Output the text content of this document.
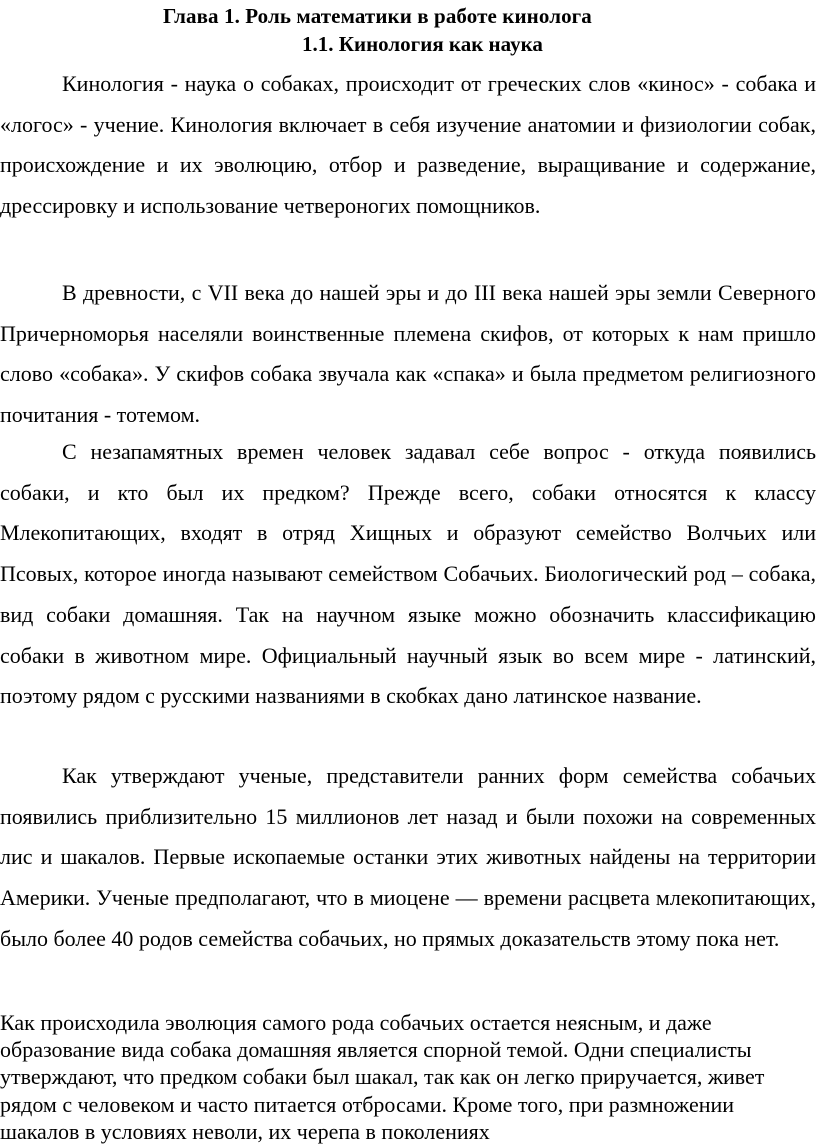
Глава 1. Роль математики в работе кинолога
1.1. Кинология как наука

Кинология - наука о собаках, происходит от греческих слов «кинос» - собака и «логос» - учение. Кинология включает в себя изучение анатомии и физиологии собак, происхождение и их эволюцию, отбор и разведение, выращивание и содержание, дрессировку и использование четвероногих помощников.

В древности, с VII века до нашей эры и до III века нашей эры земли Северного Причерноморья населяли воинственные племена скифов, от которых к нам пришло слово «собака». У скифов собака звучала как «спака» и была предметом религиозного почитания - тотемом.

С незапамятных времен человек задавал себе вопрос - откуда появились собаки, и кто был их предком? Прежде всего, собаки относятся к классу Млекопитающих, входят в отряд Хищных и образуют семейство Волчьих или Псовых, которое иногда называют семейством Собачьих. Биологический род – собака, вид собаки домашняя. Так на научном языке можно обозначить классификацию собаки в животном мире. Официальный научный язык во всем мире - латинский, поэтому рядом с русскими названиями в скобках дано латинское название.

Как утверждают ученые, представители ранних форм семейства собачьих появились приблизительно 15 миллионов лет назад и были похожи на современных лис и шакалов. Первые ископаемые останки этих животных найдены на территории Америки. Ученые предполагают, что в миоцене — времени расцвета млекопитающих, было более 40 родов семейства собачьих, но прямых доказательств этому пока нет.

Как происходила эволюция самого рода собачьих остается неясным, и даже образование вида собака домашняя является спорной темой. Одни специалисты утверждают, что предком собаки был шакал, так как он легко приручается, живет рядом с человеком и часто питается отбросами. Кроме того, при размножении шакалов в условиях неволи, их черепа в поколениях
